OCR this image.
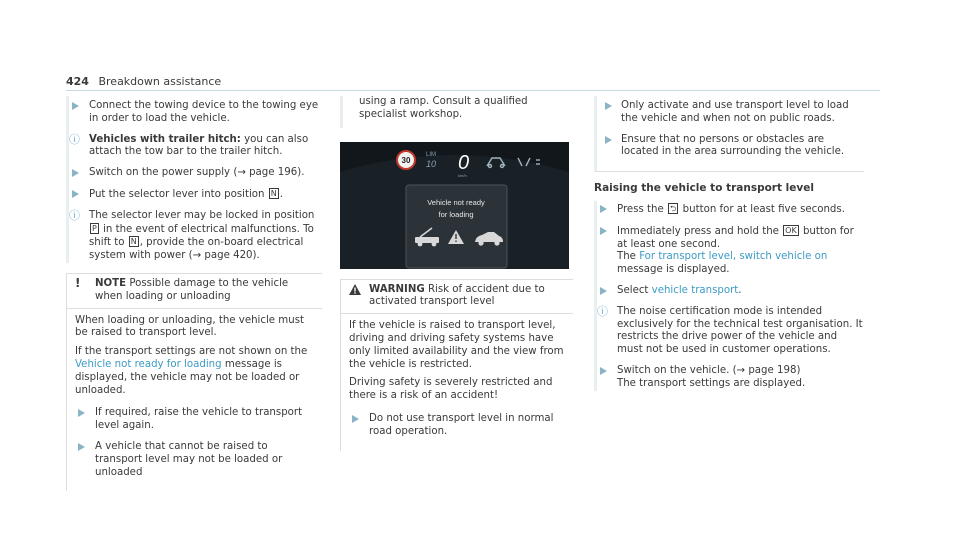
424 Breakdown assistance
Connect the towing device to the towing eye in order to load the vehicle.
ⓘ Vehicles with trailer hitch: you can also attach the tow bar to the trailer hitch.
Switch on the power supply (→ page 196).
Put the selector lever into position N .
ⓘ The selector lever may be locked in position P in the event of electrical malfunctions. To shift to N , provide the on-board electrical system with power (→ page 420).
! NOTE Possible damage to the vehicle when loading or unloading

When loading or unloading, the vehicle must be raised to transport level.

If the transport settings are not shown on the Vehicle not ready for loading message is displayed, the vehicle may not be loaded or unloaded.

If required, raise the vehicle to transport level again.
A vehicle that cannot be raised to transport level may not be loaded or unloaded
using a ramp. Consult a qualified specialist workshop.
30
LIM
10 0
km/h
Vehicle not ready
for loading
WARNING Risk of accident due to activated transport level

If the vehicle is raised to transport level, driving and driving safety systems have only limited availability and the view from the vehicle is restricted.

Driving safety is severely restricted and there is a risk of an accident!

Do not use transport level in normal road operation.
Only activate and use transport level to load the vehicle and when not on public roads.
Ensure that no persons or obstacles are located in the area surrounding the vehicle.
Raising the vehicle to transport level
Press the ⮌ button for at least five seconds.
Immediately press and hold the OK button for at least one second.
The For transport level, switch vehicle on message is displayed.
Select vehicle transport.
ⓘ The noise certification mode is intended exclusively for the technical test organisation. It restricts the drive power of the vehicle and must not be used in customer operations.
Switch on the vehicle. (→ page 198)
The transport settings are displayed.
